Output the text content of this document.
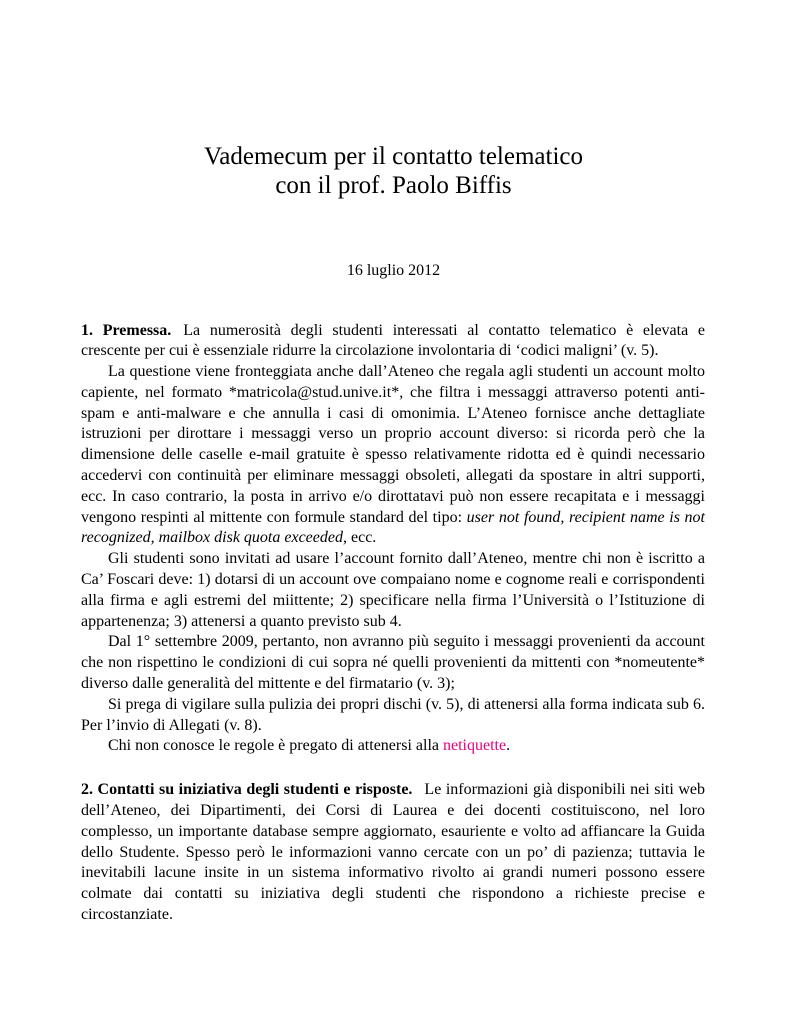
Vademecum per il contatto telematico
con il prof. Paolo Biffis
16 luglio 2012

1. Premessa. La numerosità degli studenti interessati al contatto telematico è elevata e crescente per cui è essenziale ridurre la circolazione involontaria di ‘codici maligni’ (v. 5).

La questione viene fronteggiata anche dall’Ateneo che regala agli studenti un account molto capiente, nel formato *matricola@stud.unive.it*, che filtra i messaggi attraverso potenti anti-spam e anti-malware e che annulla i casi di omonimia. L’Ateneo fornisce anche dettagliate istruzioni per dirottare i messaggi verso un proprio account diverso: si ricorda però che la dimensione delle caselle e-mail gratuite è spesso relativamente ridotta ed è quindi necessario accedervi con continuità per eliminare messaggi obsoleti, allegati da spostare in altri supporti, ecc. In caso contrario, la posta in arrivo e/o dirottatavi può non essere recapitata e i messaggi vengono respinti al mittente con formule standard del tipo: user not found, recipient name is not recognized, mailbox disk quota exceeded, ecc.

Gli studenti sono invitati ad usare l’account fornito dall’Ateneo, mentre chi non è iscritto a Ca’ Foscari deve: 1) dotarsi di un account ove compaiano nome e cognome reali e corrispondenti alla firma e agli estremi del miittente; 2) specificare nella firma l’Università o l’Istituzione di appartenenza; 3) attenersi a quanto previsto sub 4.

Dal 1° settembre 2009, pertanto, non avranno più seguito i messaggi provenienti da account che non rispettino le condizioni di cui sopra né quelli provenienti da mittenti con *nomeutente* diverso dalle generalità del mittente e del firmatario (v. 3);

Si prega di vigilare sulla pulizia dei propri dischi (v. 5), di attenersi alla forma indicata sub 6. Per l’invio di Allegati (v. 8).

Chi non conosce le regole è pregato di attenersi alla netiquette.

2. Contatti su iniziativa degli studenti e risposte. Le informazioni già disponibili nei siti web dell’Ateneo, dei Dipartimenti, dei Corsi di Laurea e dei docenti costituiscono, nel loro complesso, un importante database sempre aggiornato, esauriente e volto ad affiancare la Guida dello Studente. Spesso però le informazioni vanno cercate con un po’ di pazienza; tuttavia le inevitabili lacune insite in un sistema informativo rivolto ai grandi numeri possono essere colmate dai contatti su iniziativa degli studenti che rispondono a richieste precise e circostanziate.
